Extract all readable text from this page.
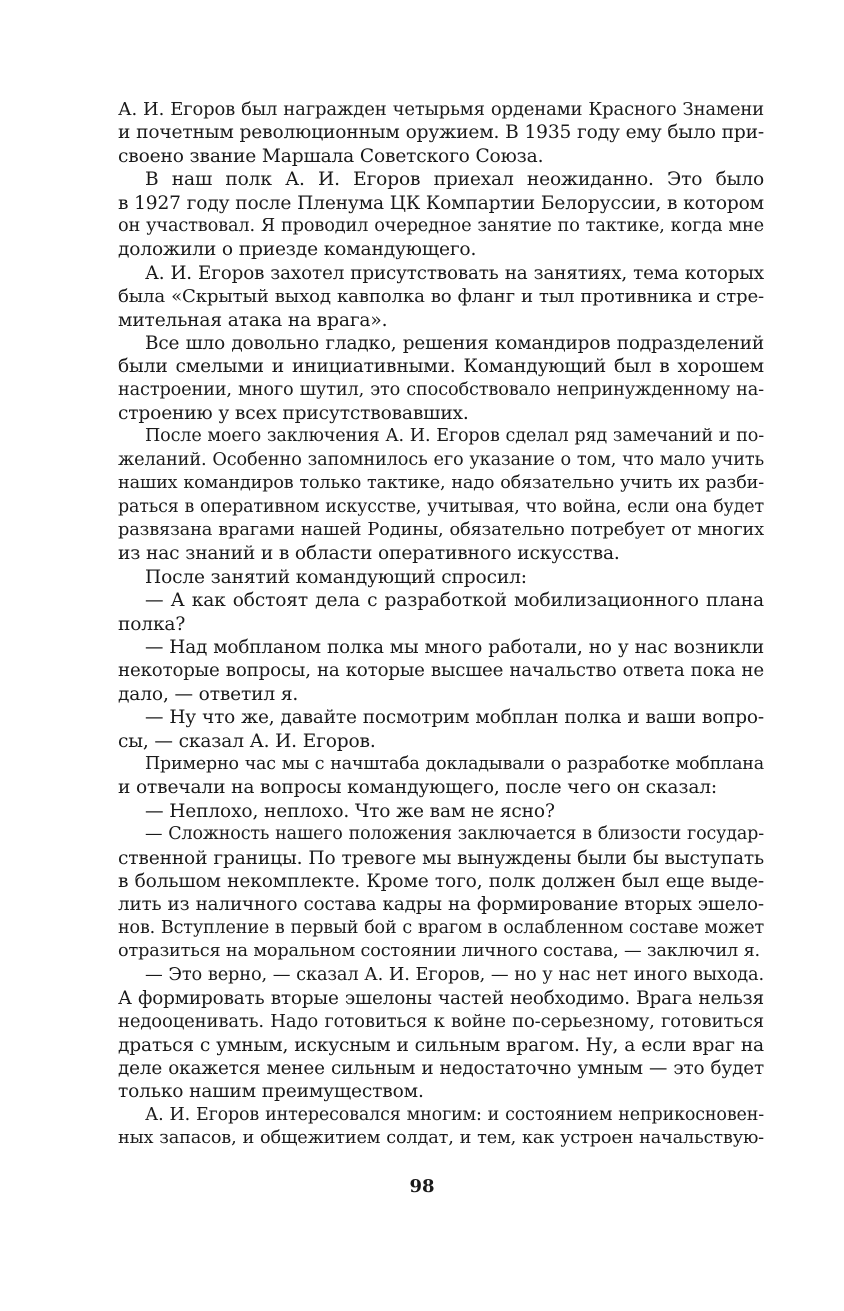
А. И. Егоров был награжден четырьмя орденами Красного Знамени
и почетным революционным оружием. В 1935 году ему было при-
своено звание Маршала Советского Союза.
В наш полк А. И. Егоров приехал неожиданно. Это было
в 1927 году после Пленума ЦК Компартии Белоруссии, в котором
он участвовал. Я проводил очередное занятие по тактике, когда мне
доложили о приезде командующего.
А. И. Егоров захотел присутствовать на занятиях, тема которых
была «Скрытый выход кавполка во фланг и тыл противника и стре-
мительная атака на врага».
Все шло довольно гладко, решения командиров подразделений
были смелыми и инициативными. Командующий был в хорошем
настроении, много шутил, это способствовало непринужденному на-
строению у всех присутствовавших.
После моего заключения А. И. Егоров сделал ряд замечаний и по-
желаний. Особенно запомнилось его указание о том, что мало учить
наших командиров только тактике, надо обязательно учить их разби-
раться в оперативном искусстве, учитывая, что война, если она будет
развязана врагами нашей Родины, обязательно потребует от многих
из нас знаний и в области оперативного искусства.
После занятий командующий спросил:
— А как обстоят дела с разработкой мобилизационного плана
полка?
— Над мобпланом полка мы много работали, но у нас возникли
некоторые вопросы, на которые высшее начальство ответа пока не
дало, — ответил я.
— Ну что же, давайте посмотрим мобплан полка и ваши вопро-
сы, — сказал А. И. Егоров.
Примерно час мы с начштаба докладывали о разработке мобплана
и отвечали на вопросы командующего, после чего он сказал:
— Неплохо, неплохо. Что же вам не ясно?
— Сложность нашего положения заключается в близости государ-
ственной границы. По тревоге мы вынуждены были бы выступать
в большом некомплекте. Кроме того, полк должен был еще выде-
лить из наличного состава кадры на формирование вторых эшело-
нов. Вступление в первый бой с врагом в ослабленном составе может
отразиться на моральном состоянии личного состава, — заключил я.
— Это верно, — сказал А. И. Егоров, — но у нас нет иного выхода.
А формировать вторые эшелоны частей необходимо. Врага нельзя
недооценивать. Надо готовиться к войне по-серьезному, готовиться
драться с умным, искусным и сильным врагом. Ну, а если враг на
деле окажется менее сильным и недостаточно умным — это будет
только нашим преимуществом.
А. И. Егоров интересовался многим: и состоянием неприкосновен-
ных запасов, и общежитием солдат, и тем, как устроен начальствую-
98
